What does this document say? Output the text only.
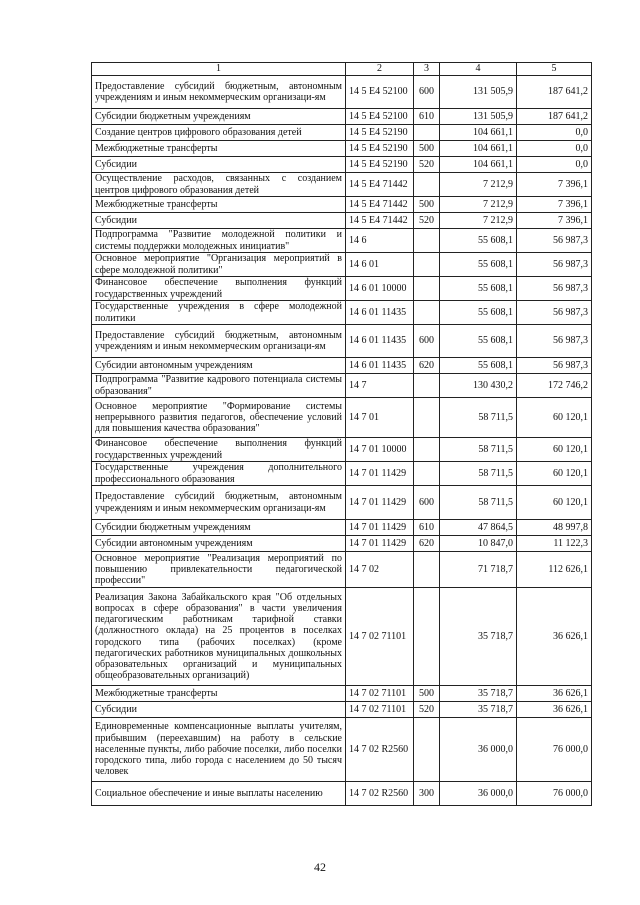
1	2	3	4	5
Предоставление субсидий бюджетным, автономным учреждениям и иным некоммерческим организаци-ям	14 5 E4 52100	600	131 505,9	187 641,2
Субсидии бюджетным учреждениям	14 5 E4 52100	610	131 505,9	187 641,2
Создание центров цифрового образования детей	14 5 E4 52190		104 661,1	0,0
Межбюджетные трансферты	14 5 E4 52190	500	104 661,1	0,0
Субсидии	14 5 E4 52190	520	104 661,1	0,0
Осуществление расходов, связанных с созданием центров цифрового образования детей	14 5 E4 71442		7 212,9	7 396,1
Межбюджетные трансферты	14 5 E4 71442	500	7 212,9	7 396,1
Субсидии	14 5 E4 71442	520	7 212,9	7 396,1
Подпрограмма "Развитие молодежной политики и системы поддержки молодежных инициатив"	14 6		55 608,1	56 987,3
Основное мероприятие "Организация мероприятий в сфере молодежной политики"	14 6 01		55 608,1	56 987,3
Финансовое обеспечение выполнения функций государственных учреждений	14 6 01 10000		55 608,1	56 987,3
Государственные учреждения в сфере молодежной политики	14 6 01 11435		55 608,1	56 987,3
Предоставление субсидий бюджетным, автономным учреждениям и иным некоммерческим организаци-ям	14 6 01 11435	600	55 608,1	56 987,3
Субсидии автономным учреждениям	14 6 01 11435	620	55 608,1	56 987,3
Подпрограмма "Развитие кадрового потенциала системы образования"	14 7		130 430,2	172 746,2
Основное мероприятие "Формирование системы непрерывного развития педагогов, обеспечение условий для повышения качества образования"	14 7 01		58 711,5	60 120,1
Финансовое обеспечение выполнения функций государственных учреждений	14 7 01 10000		58 711,5	60 120,1
Государственные учреждения дополнительного профессионального образования	14 7 01 11429		58 711,5	60 120,1
Предоставление субсидий бюджетным, автономным учреждениям и иным некоммерческим организаци-ям	14 7 01 11429	600	58 711,5	60 120,1
Субсидии бюджетным учреждениям	14 7 01 11429	610	47 864,5	48 997,8
Субсидии автономным учреждениям	14 7 01 11429	620	10 847,0	11 122,3
Основное мероприятие "Реализация мероприятий по повышению привлекательности педагогической профессии"	14 7 02		71 718,7	112 626,1
Реализация Закона Забайкальского края "Об отдельных вопросах в сфере образования" в части увеличения педагогическим работникам тарифной ставки (должностного оклада) на 25 процентов в поселках городского типа (рабочих поселках) (кроме педагогических работников муниципальных дошкольных образовательных организаций и муниципальных общеобразовательных организаций)	14 7 02 71101		35 718,7	36 626,1
Межбюджетные трансферты	14 7 02 71101	500	35 718,7	36 626,1
Субсидии	14 7 02 71101	520	35 718,7	36 626,1
Единовременные компенсационные выплаты учителям, прибывшим (переехавшим) на работу в сельские населенные пункты, либо рабочие поселки, либо поселки городского типа, либо города с населением до 50 тысяч человек	14 7 02 R2560		36 000,0	76 000,0
Социальное обеспечение и иные выплаты населению	14 7 02 R2560	300	36 000,0	76 000,0
42
